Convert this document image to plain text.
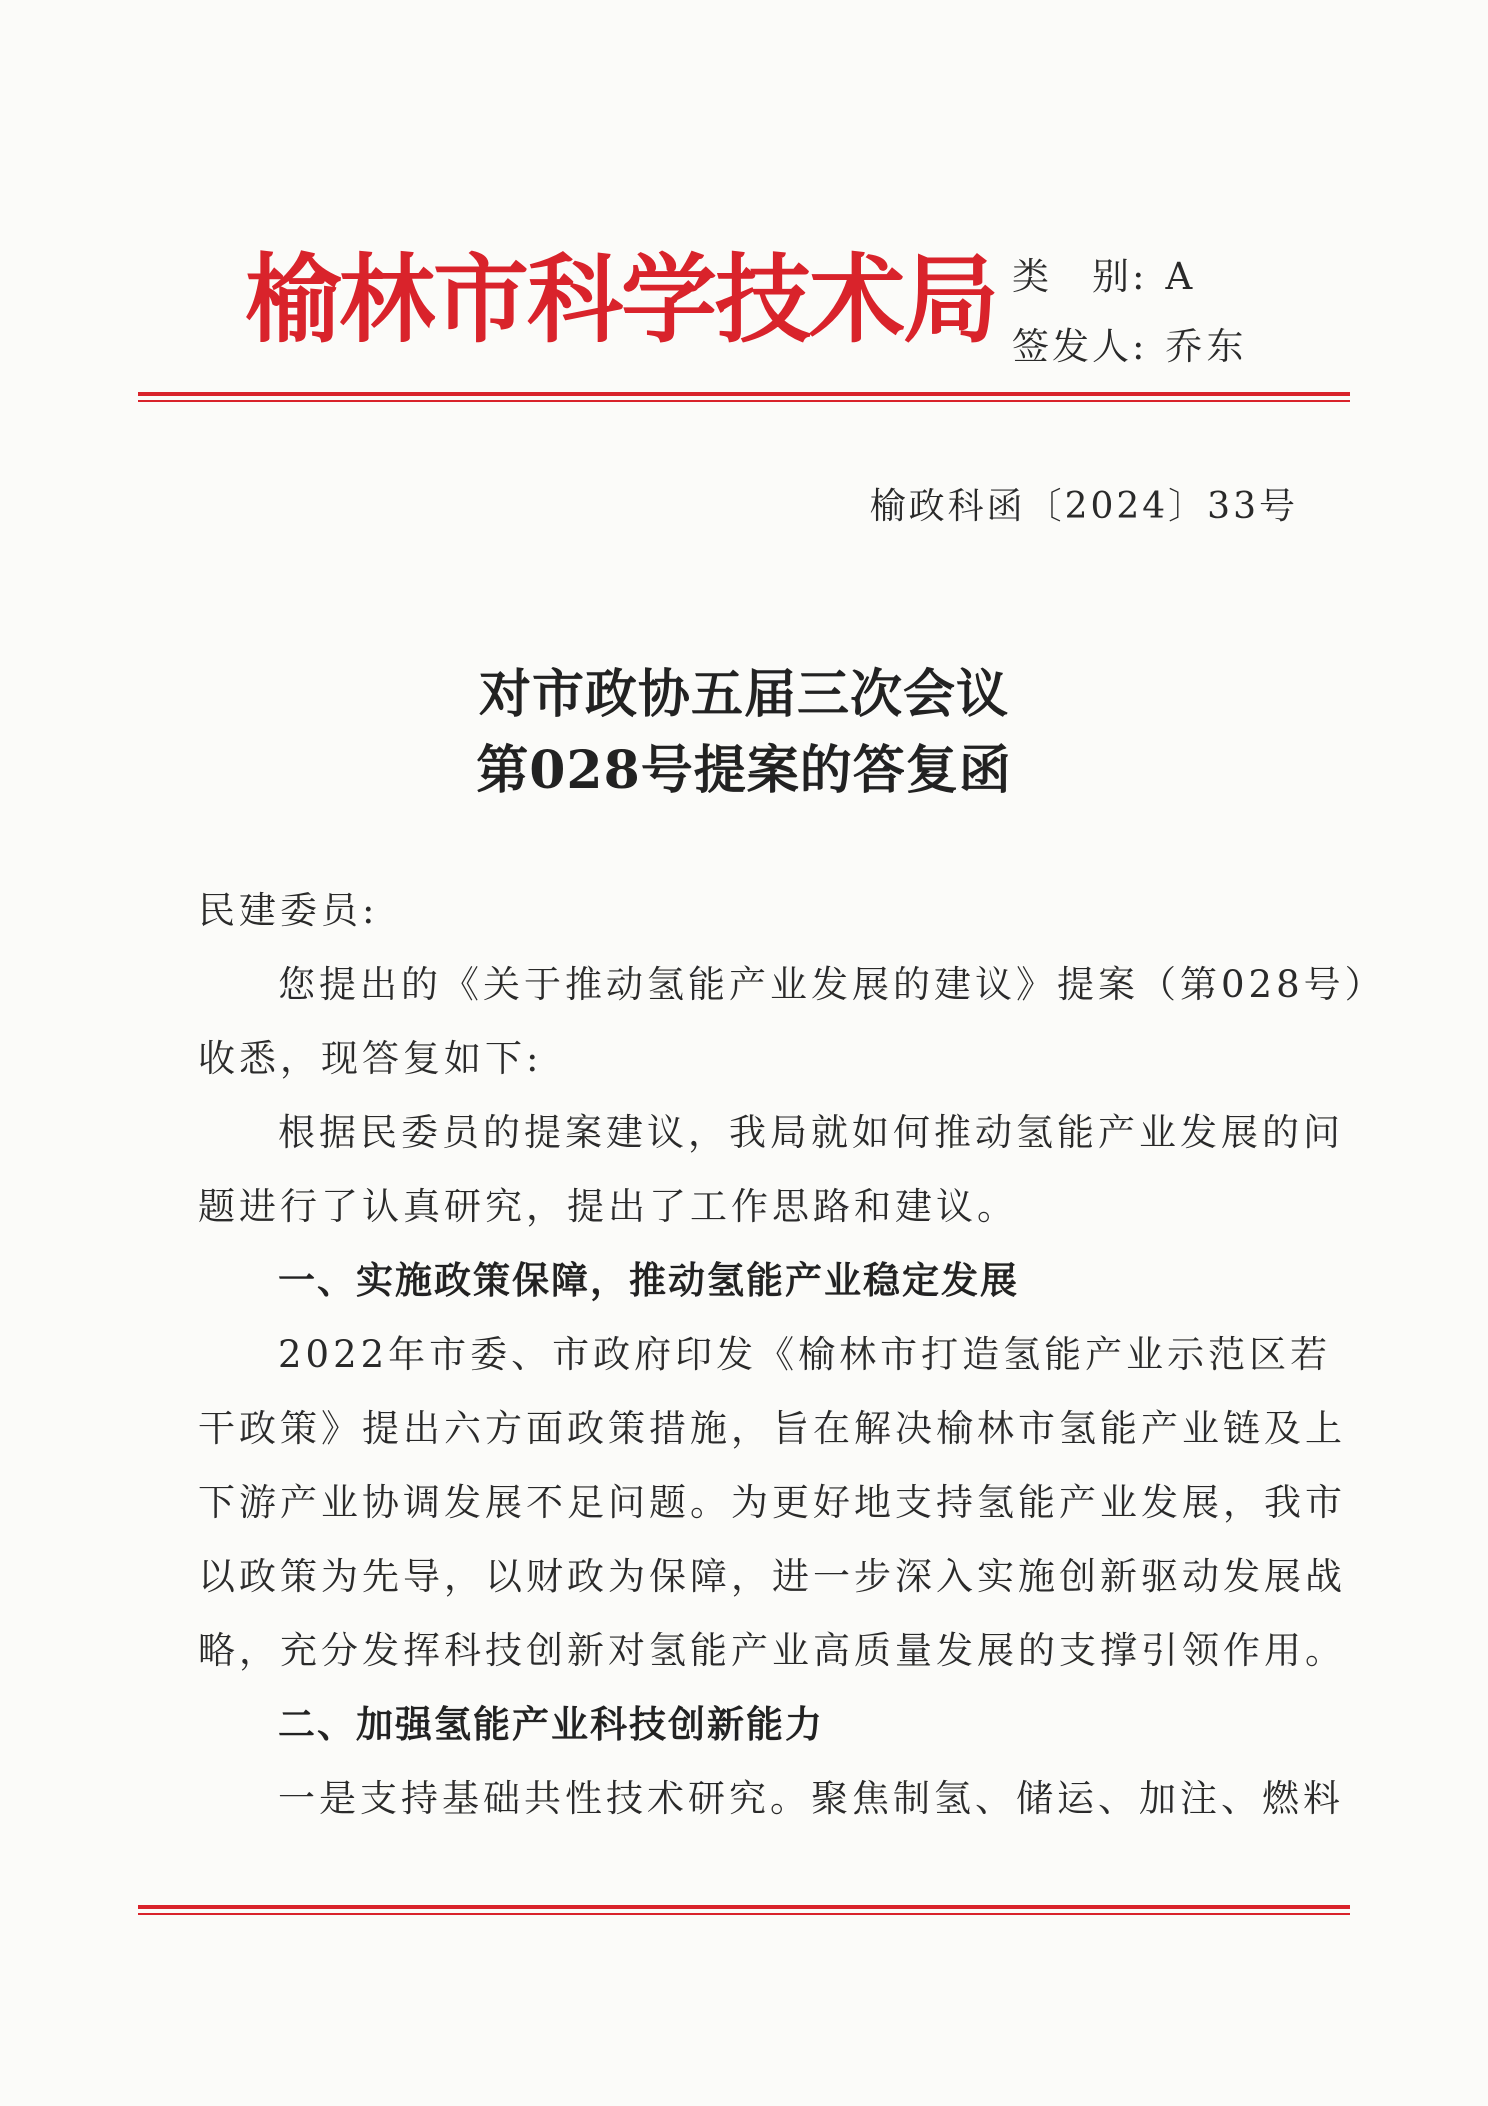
榆林市科学技术局 类　别: A
签发人: 乔东
榆政科函〔2024〕33号
对市政协五届三次会议
第028号提案的答复函
民建委员:
您提出的《关于推动氢能产业发展的建议》提案（第028号）
收悉，现答复如下:
根据民委员的提案建议，我局就如何推动氢能产业发展的问
题进行了认真研究，提出了工作思路和建议。
一、实施政策保障，推动氢能产业稳定发展
2022年市委、市政府印发《榆林市打造氢能产业示范区若
干政策》提出六方面政策措施，旨在解决榆林市氢能产业链及上
下游产业协调发展不足问题。为更好地支持氢能产业发展，我市
以政策为先导，以财政为保障，进一步深入实施创新驱动发展战
略，充分发挥科技创新对氢能产业高质量发展的支撑引领作用。
二、加强氢能产业科技创新能力
一是支持基础共性技术研究。聚焦制氢、储运、加注、燃料
